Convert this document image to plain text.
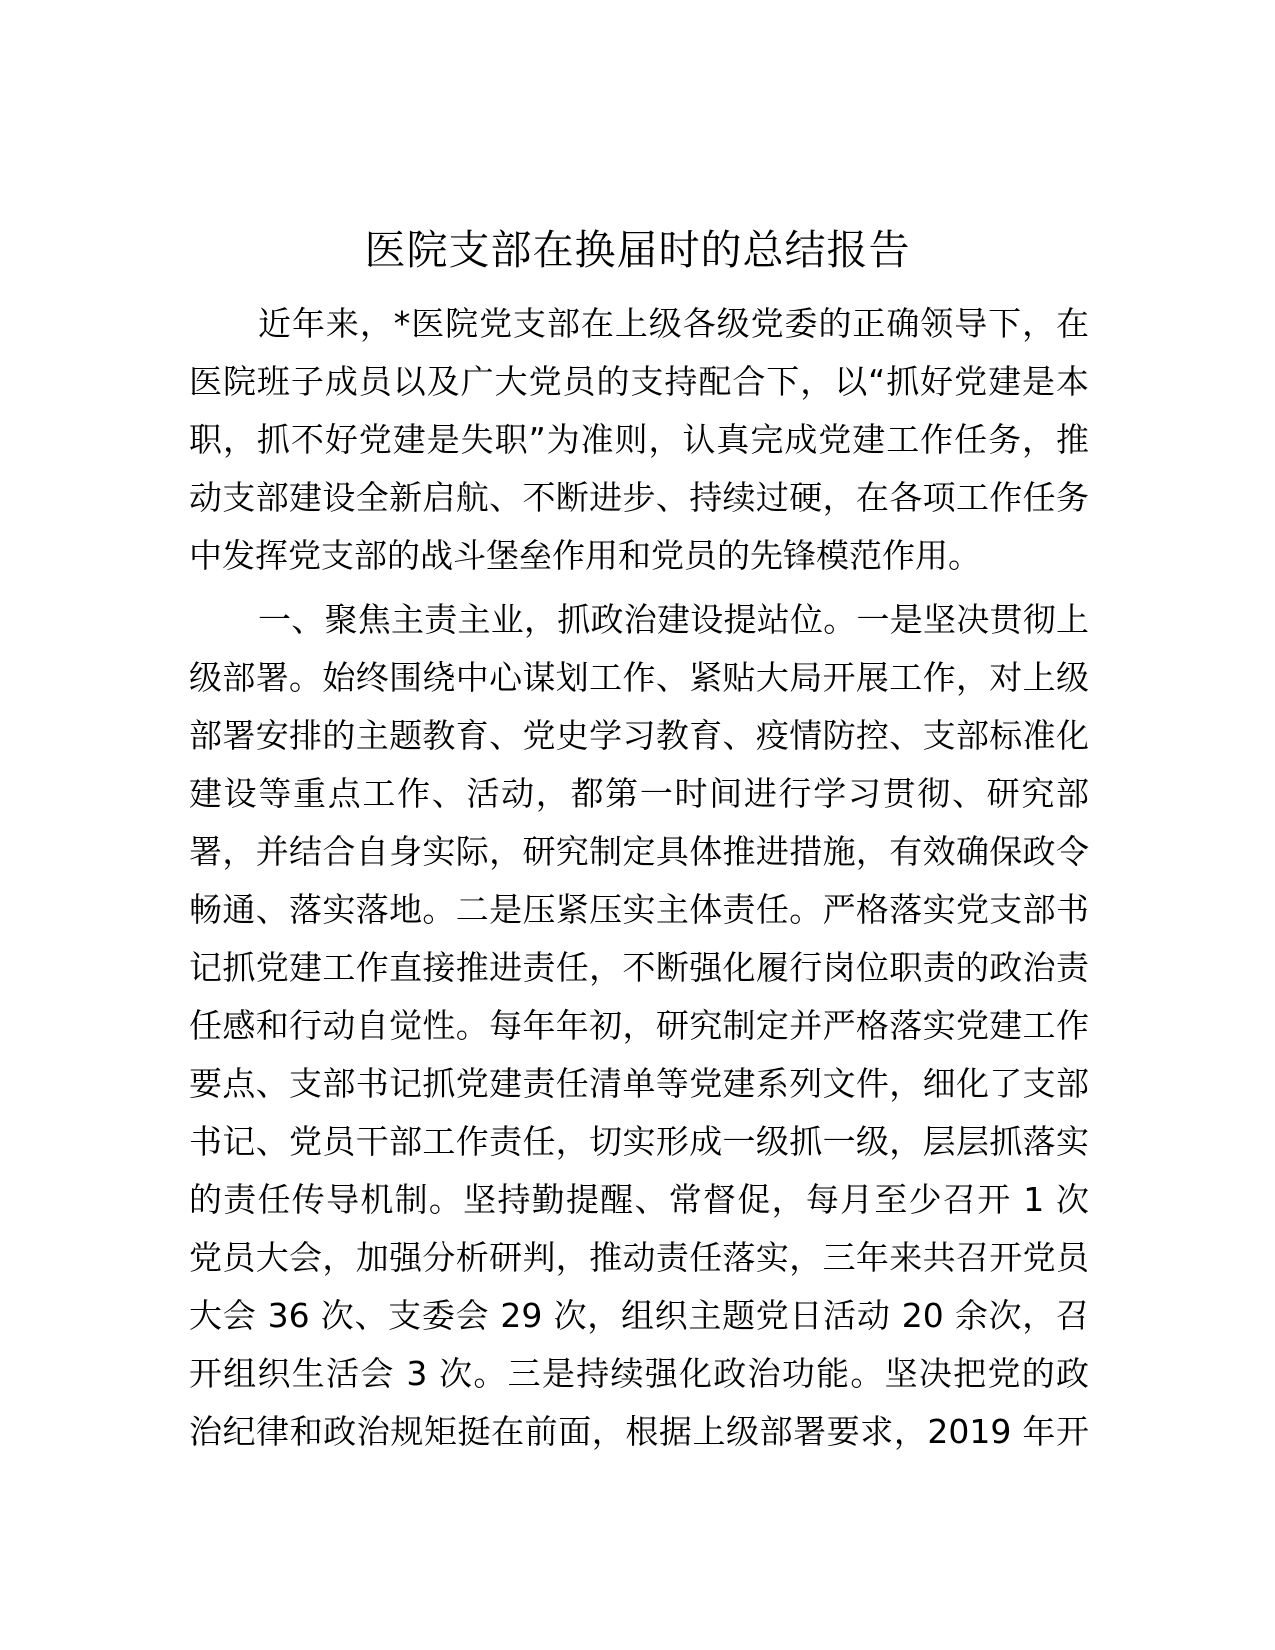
医院支部在换届时的总结报告
近年来，*医院党支部在上级各级党委的正确领导下，在
医院班子成员以及广大党员的支持配合下，以“抓好党建是本
职，抓不好党建是失职”为准则，认真完成党建工作任务，推
动支部建设全新启航、不断进步、持续过硬，在各项工作任务
中发挥党支部的战斗堡垒作用和党员的先锋模范作用。
一、聚焦主责主业，抓政治建设提站位。一是坚决贯彻上
级部署。始终围绕中心谋划工作、紧贴大局开展工作，对上级
部署安排的主题教育、党史学习教育、疫情防控、支部标准化
建设等重点工作、活动，都第一时间进行学习贯彻、研究部
署，并结合自身实际，研究制定具体推进措施，有效确保政令
畅通、落实落地。二是压紧压实主体责任。严格落实党支部书
记抓党建工作直接推进责任，不断强化履行岗位职责的政治责
任感和行动自觉性。每年年初，研究制定并严格落实党建工作
要点、支部书记抓党建责任清单等党建系列文件，细化了支部
书记、党员干部工作责任，切实形成一级抓一级，层层抓落实
的责任传导机制。坚持勤提醒、常督促，每月至少召开 1 次
党员大会，加强分析研判，推动责任落实，三年来共召开党员
大会 36 次、支委会 29 次，组织主题党日活动 20 余次，召
开组织生活会 3 次。三是持续强化政治功能。坚决把党的政
治纪律和政治规矩挺在前面，根据上级部署要求，2019 年开
